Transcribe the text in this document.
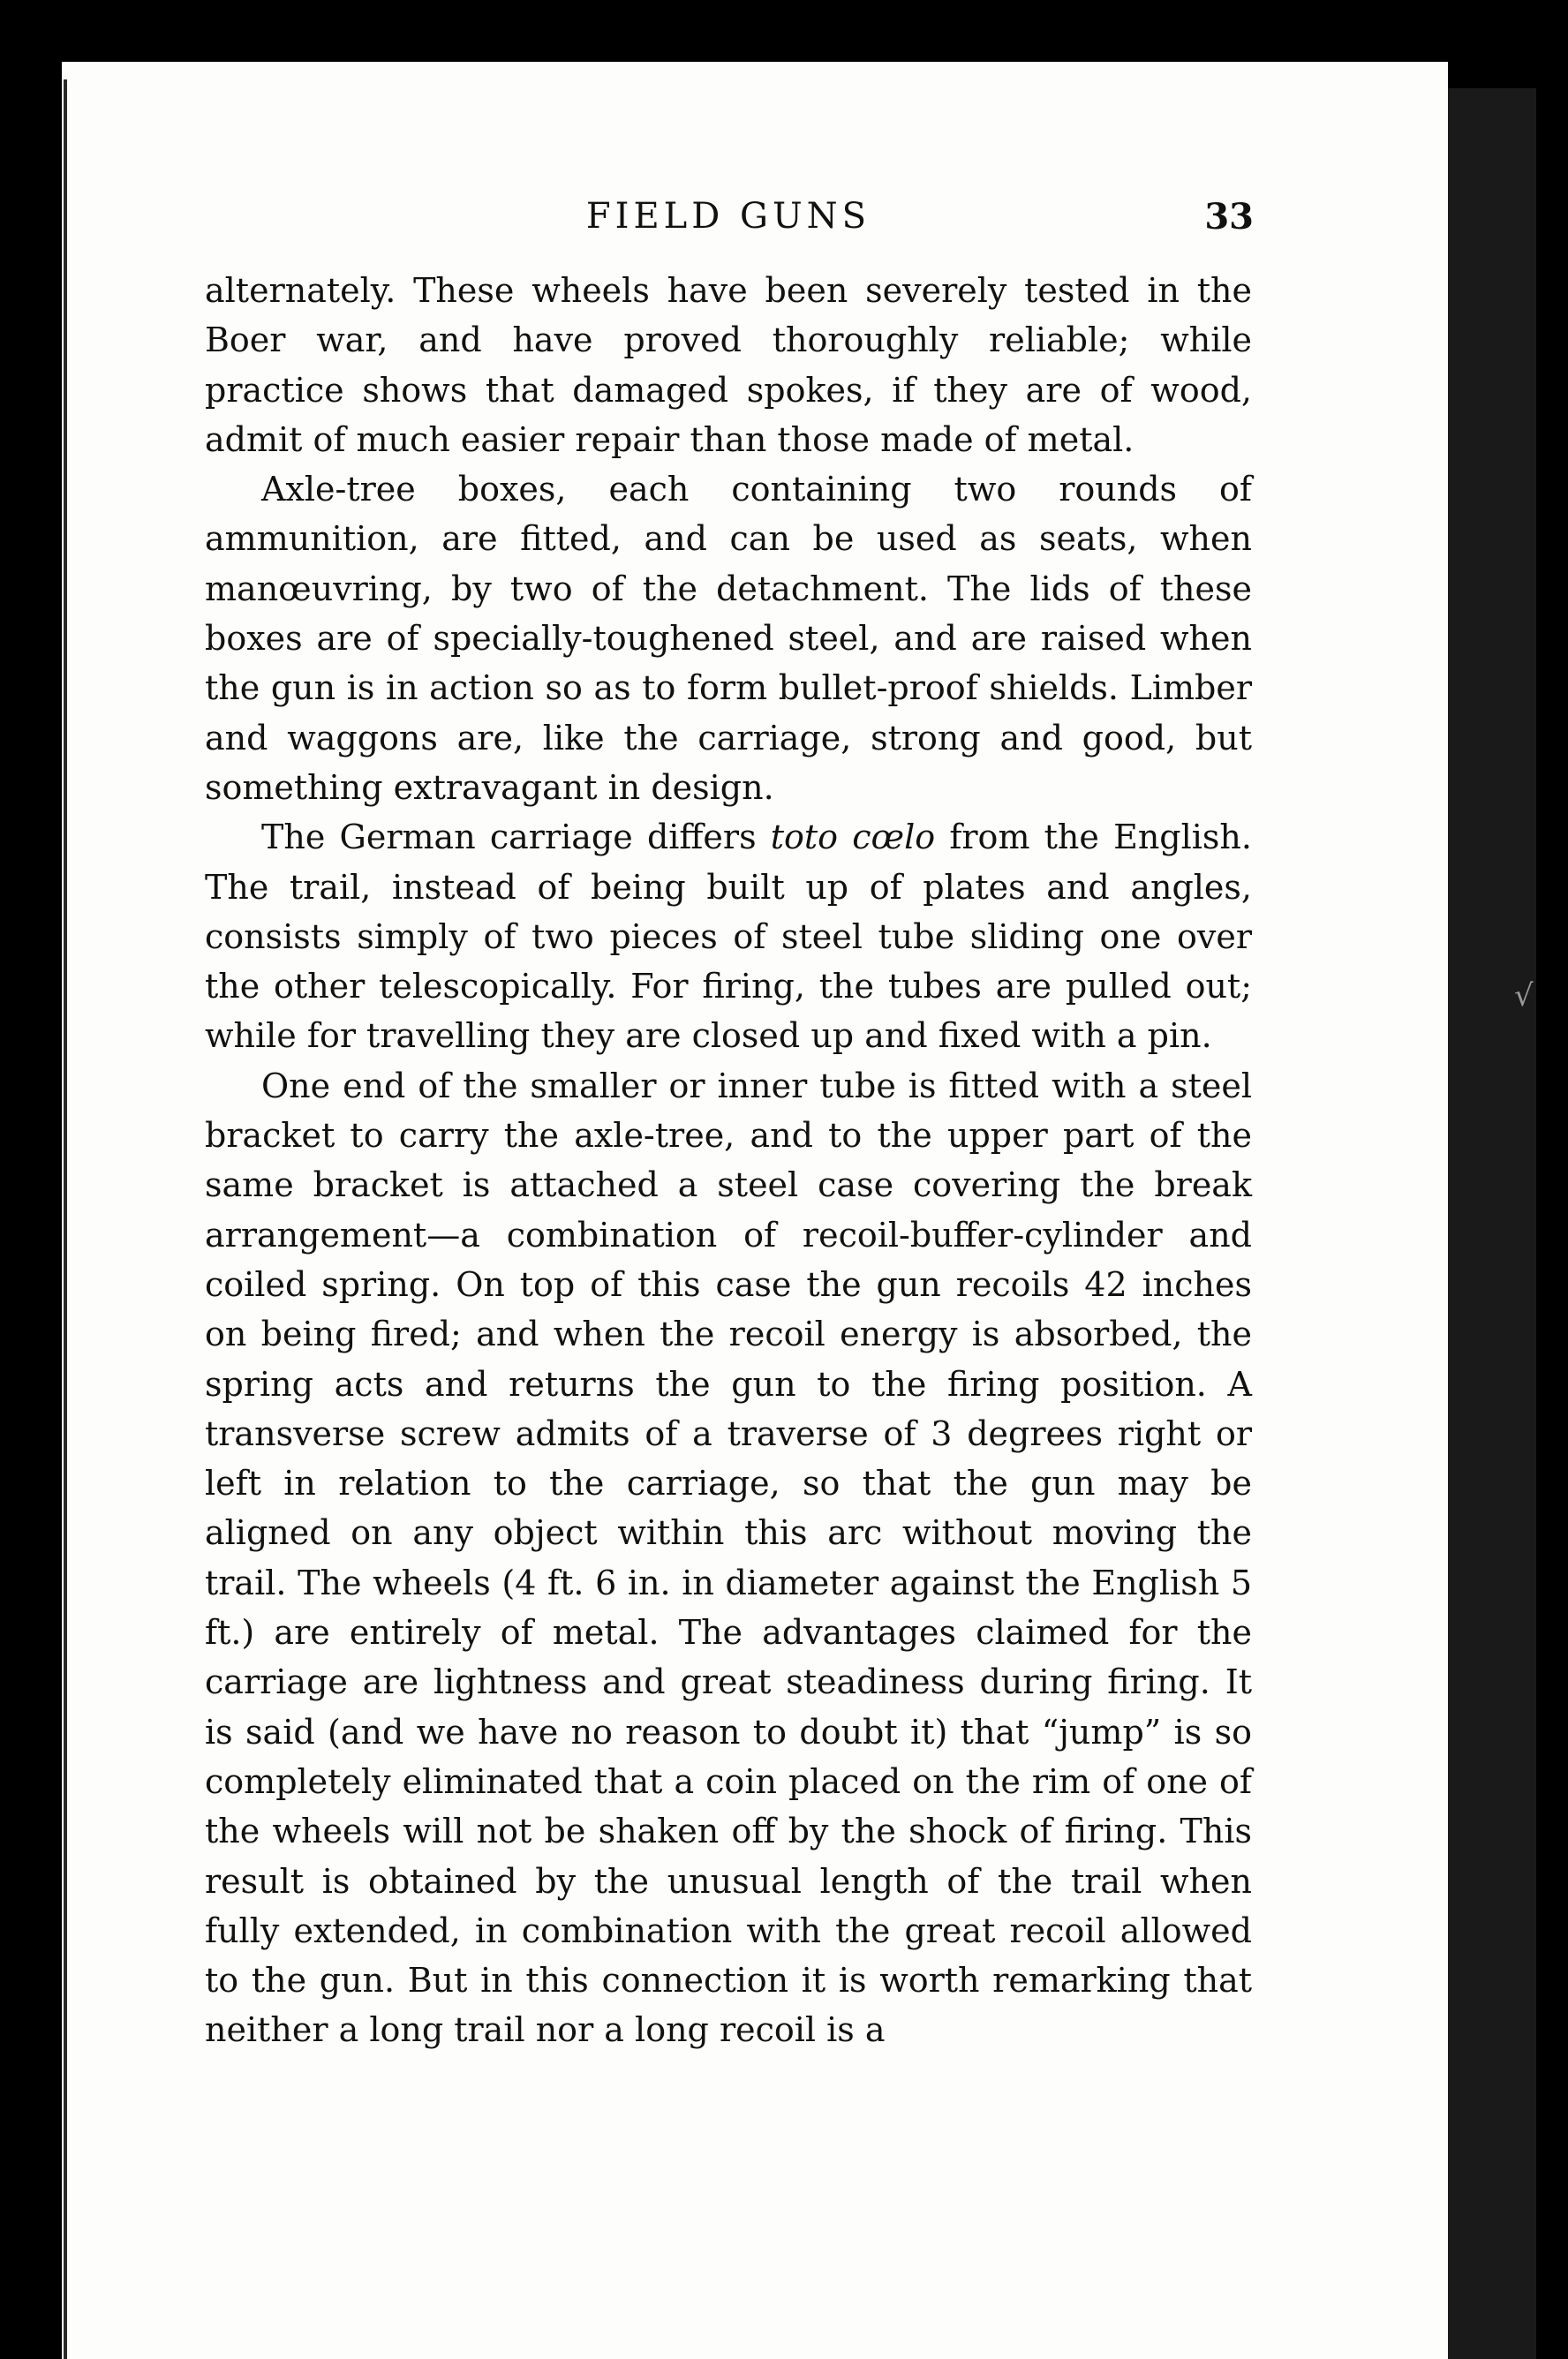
√
FIELD GUNS	33

alternately. These wheels have been severely tested in the Boer war, and have proved thoroughly reliable; while practice shows that damaged spokes, if they are of wood, admit of much easier repair than those made of metal.

Axle-tree boxes, each containing two rounds of ammunition, are fitted, and can be used as seats, when manœuvring, by two of the detachment. The lids of these boxes are of specially-toughened steel, and are raised when the gun is in action so as to form bullet-proof shields. Limber and waggons are, like the carriage, strong and good, but something extravagant in design.

The German carriage differs toto cœlo from the English. The trail, instead of being built up of plates and angles, consists simply of two pieces of steel tube sliding one over the other telescopically. For firing, the tubes are pulled out; while for travelling they are closed up and fixed with a pin.

One end of the smaller or inner tube is fitted with a steel bracket to carry the axle-tree, and to the upper part of the same bracket is attached a steel case covering the break arrangement—a combination of recoil-buffer-cylinder and coiled spring. On top of this case the gun recoils 42 inches on being fired; and when the recoil energy is absorbed, the spring acts and returns the gun to the firing position. A transverse screw admits of a traverse of 3 degrees right or left in relation to the carriage, so that the gun may be aligned on any object within this arc without moving the trail. The wheels (4 ft. 6 in. in diameter against the English 5 ft.) are entirely of metal. The advantages claimed for the carriage are lightness and great steadiness during firing. It is said (and we have no reason to doubt it) that “jump” is so completely eliminated that a coin placed on the rim of one of the wheels will not be shaken off by the shock of firing. This result is obtained by the unusual length of the trail when fully extended, in combination with the great recoil allowed to the gun. But in this connection it is worth remarking that neither a long trail nor a long recoil is a
